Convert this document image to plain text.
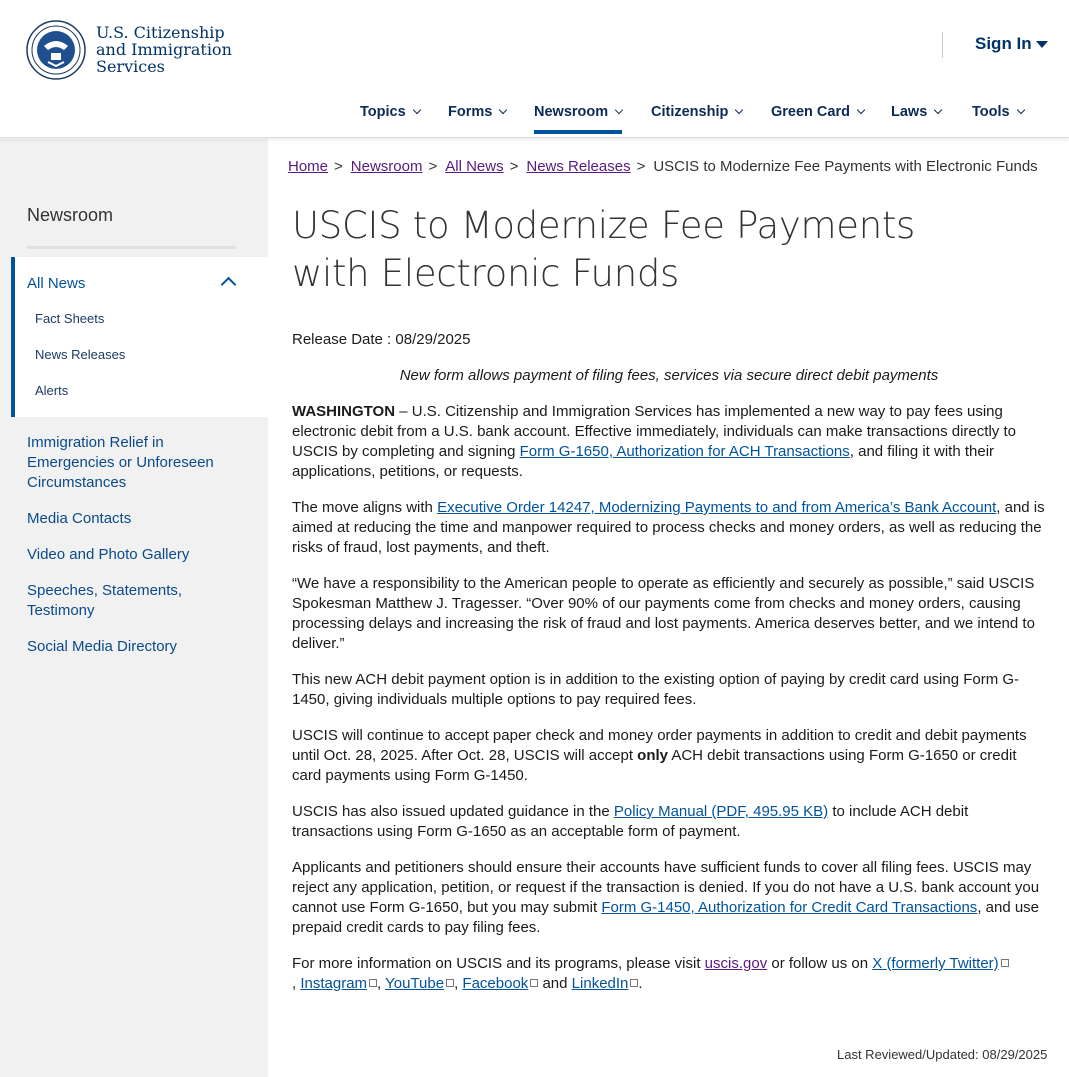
U.S. Citizenship
and Immigration
Services
Sign In
Topics	Forms	Newsroom	Citizenship	Green Card	Laws	Tools
Newsroom
All News
Fact Sheets
News Releases
Alerts
Immigration Relief in Emergencies or Unforeseen Circumstances
Media Contacts
Video and Photo Gallery
Speeches, Statements, Testimony
Social Media Directory
Home > Newsroom > All News > News Releases > USCIS to Modernize Fee Payments with Electronic Funds
USCIS to Modernize Fee Payments with Electronic Funds
Release Date : 08/29/2025
New form allows payment of filing fees, services via secure direct debit payments

WASHINGTON – U.S. Citizenship and Immigration Services has implemented a new way to pay fees using electronic debit from a U.S. bank account. Effective immediately, individuals can make transactions directly to USCIS by completing and signing Form G-1650, Authorization for ACH Transactions, and filing it with their applications, petitions, or requests.

The move aligns with Executive Order 14247, Modernizing Payments to and from America’s Bank Account, and is aimed at reducing the time and manpower required to process checks and money orders, as well as reducing the risks of fraud, lost payments, and theft.

“We have a responsibility to the American people to operate as efficiently and securely as possible,” said USCIS Spokesman Matthew J. Tragesser. “Over 90% of our payments come from checks and money orders, causing processing delays and increasing the risk of fraud and lost payments. America deserves better, and we intend to deliver.”

This new ACH debit payment option is in addition to the existing option of paying by credit card using Form G-1450, giving individuals multiple options to pay required fees.

USCIS will continue to accept paper check and money order payments in addition to credit and debit payments until Oct. 28, 2025. After Oct. 28, USCIS will accept only ACH debit transactions using Form G-1650 or credit card payments using Form G-1450.

USCIS has also issued updated guidance in the Policy Manual (PDF, 495.95 KB) to include ACH debit transactions using Form G-1650 as an acceptable form of payment.

Applicants and petitioners should ensure their accounts have sufficient funds to cover all filing fees. USCIS may reject any application, petition, or request if the transaction is denied. If you do not have a U.S. bank account you cannot use Form G-1650, but you may submit Form G-1450, Authorization for Credit Card Transactions, and use prepaid credit cards to pay filing fees.

For more information on USCIS and its programs, please visit uscis.gov or follow us on X (formerly Twitter)
, Instagram , YouTube , Facebook and LinkedIn .

Last Reviewed/Updated: 08/29/2025
